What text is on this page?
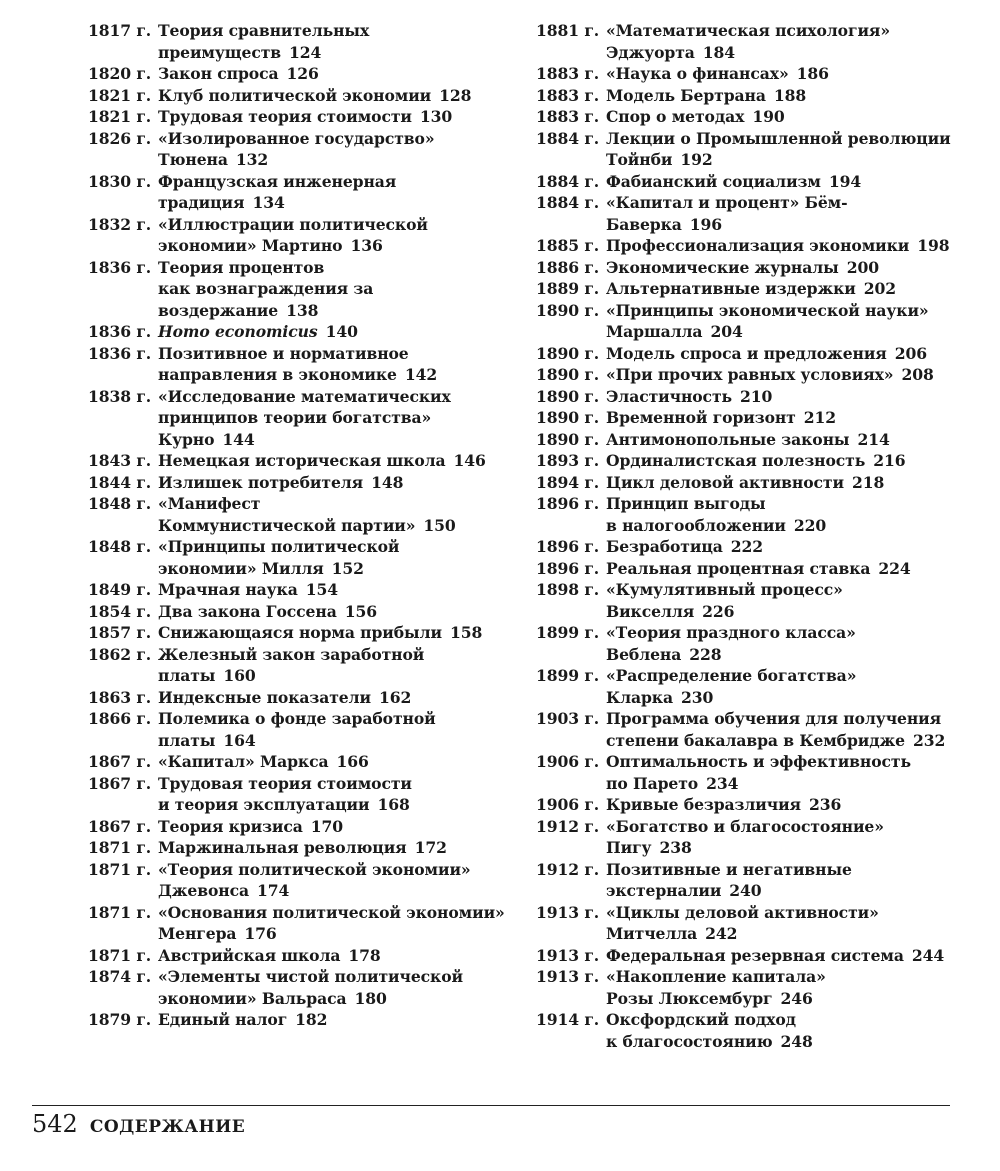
1817 г. Теория сравнительных
преимуществ 124
1820 г. Закон спроса 126
1821 г. Клуб политической экономии 128
1821 г. Трудовая теория стоимости 130
1826 г. «Изолированное государство»
Тюнена 132
1830 г. Французская инженерная
традиция 134
1832 г. «Иллюстрации политической
экономии» Мартино 136
1836 г. Теория процентов
как вознаграждения за
воздержание 138
1836 г. Homo economicus 140
1836 г. Позитивное и нормативное
направления в экономике 142
1838 г. «Исследование математических
принципов теории богатства»
Курно 144
1843 г. Немецкая историческая школа 146
1844 г. Излишек потребителя 148
1848 г. «Манифест
Коммунистической партии» 150
1848 г. «Принципы политической
экономии» Милля 152
1849 г. Мрачная наука 154
1854 г. Два закона Госсена 156
1857 г. Снижающаяся норма прибыли 158
1862 г. Железный закон заработной
платы 160
1863 г. Индексные показатели 162
1866 г. Полемика о фонде заработной
платы 164
1867 г. «Капитал» Маркса 166
1867 г. Трудовая теория стоимости
и теория эксплуатации 168
1867 г. Теория кризиса 170
1871 г. Маржинальная революция 172
1871 г. «Теория политической экономии»
Джевонса 174
1871 г. «Основания политической экономии»
Менгера 176
1871 г. Австрийская школа 178
1874 г. «Элементы чистой политической
экономии» Вальраса 180
1879 г. Единый налог 182
1881 г. «Математическая психология»
Эджуорта 184
1883 г. «Наука о финансах» 186
1883 г. Модель Бертрана 188
1883 г. Спор о методах 190
1884 г. Лекции о Промышленной революции
Тойнби 192
1884 г. Фабианский социализм 194
1884 г. «Капитал и процент» Бём-
Баверка 196
1885 г. Профессионализация экономики 198
1886 г. Экономические журналы 200
1889 г. Альтернативные издержки 202
1890 г. «Принципы экономической науки»
Маршалла 204
1890 г. Модель спроса и предложения 206
1890 г. «При прочих равных условиях» 208
1890 г. Эластичность 210
1890 г. Временной горизонт 212
1890 г. Антимонопольные законы 214
1893 г. Ординалистская полезность 216
1894 г. Цикл деловой активности 218
1896 г. Принцип выгоды
в налогообложении 220
1896 г. Безработица 222
1896 г. Реальная процентная ставка 224
1898 г. «Кумулятивный процесс»
Викселля 226
1899 г. «Теория праздного класса»
Веблена 228
1899 г. «Распределение богатства»
Кларка 230
1903 г. Программа обучения для получения
степени бакалавра в Кембридже 232
1906 г. Оптимальность и эффективность
по Парето 234
1906 г. Кривые безразличия 236
1912 г. «Богатство и благосостояние»
Пигу 238
1912 г. Позитивные и негативные
экстерналии 240
1913 г. «Циклы деловой активности»
Митчелла 242
1913 г. Федеральная резервная система 244
1913 г. «Накопление капитала»
Розы Люксембург 246
1914 г. Оксфордский подход
к благосостоянию 248
542 СОДЕРЖАНИЕ
